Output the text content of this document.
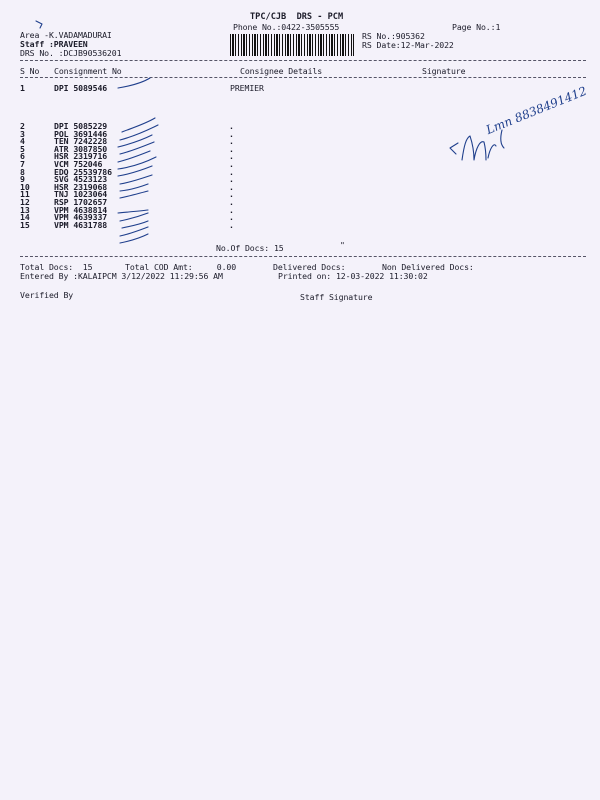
TPC/CJB  DRS - PCM
Phone No.:0422-3505555	Page No.:1
Area -K.VADAMADURAI
Staff :PRAVEEN
DRS No. :DCJB90536201
RS No.:905362
RS Date:12-Mar-2022
S No Consignment No	Consignee Details	Signature
1	DPI 5089546	PREMIER
2	DPI 5085229	.
3	POL 3691446	.
4	TEN 7242228	.
5	ATR 3087850	.
6	HSR 2319716	.
7	VCM 752046	.
8	EDQ 25539786	.
9	SVG 4523123	.
10	HSR 2319068	.
11	TNJ 1023064	.
12	RSP 1702657	.
13	VPM 4638814	.
14	VPM 4639337	.
15	VPM 4631788	.
No.Of Docs: 15	"
Total Docs:  15	Total COD Amt:     0.00	Delivered Docs:	Non Delivered Docs:
Entered By :KALAIPCM 3/12/2022 11:29:56 AM	Printed on: 12-03-2022 11:30:02
Verified By	Staff Signature
Lmn 8838491412
